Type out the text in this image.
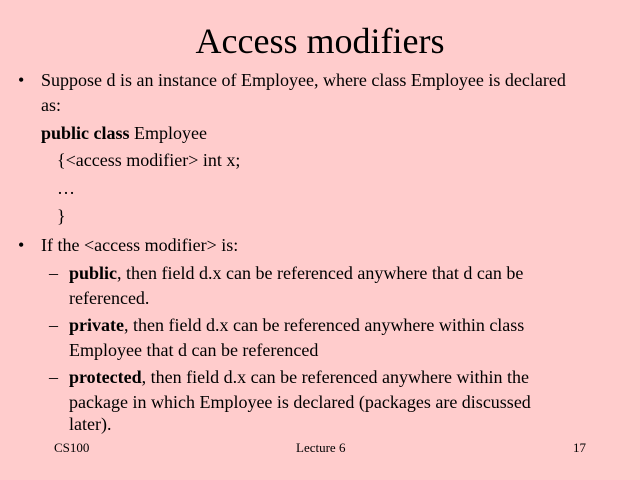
Access modifiers
• Suppose d is an instance of Employee, where class Employee is declared
as:
public class Employee
{<access modifier> int x;
…
}
• If the <access modifier> is:
– public, then field d.x can be referenced anywhere that d can be
referenced.
– private, then field d.x can be referenced anywhere within class
Employee that d can be referenced
– protected, then field d.x can be referenced anywhere within the
package in which Employee is declared (packages are discussed
later).
CS100	Lecture 6	17
